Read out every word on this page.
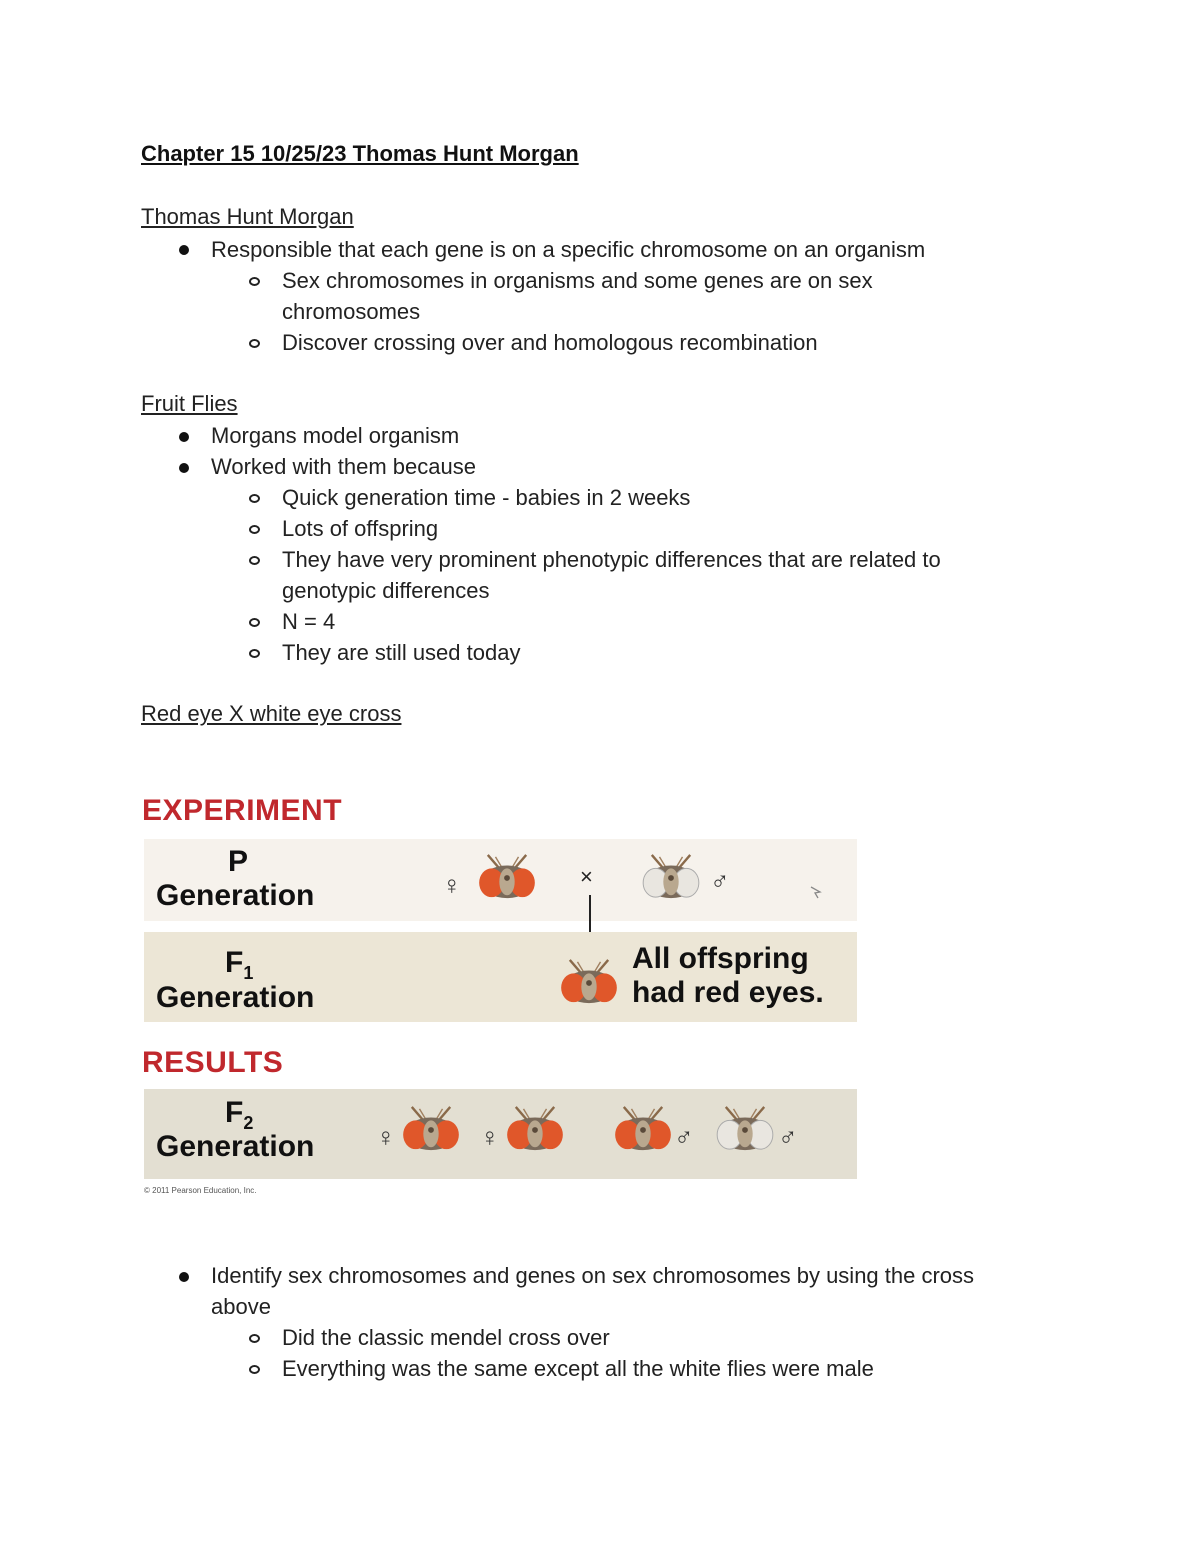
Chapter 15 10/25/23 Thomas Hunt Morgan
Thomas Hunt Morgan
Responsible that each gene is on a specific chromosome on an organism
Sex chromosomes in organisms and some genes are on sex
chromosomes
Discover crossing over and homologous recombination
Fruit Flies
Morgans model organism
Worked with them because
Quick generation time - babies in 2 weeks
Lots of offspring
They have very prominent phenotypic differences that are related to
genotypic differences
N = 4
They are still used today
Red eye X white eye cross
EXPERIMENT
P
Generation	♀	×	♂
$F_1$
Generation
All offspring
had red eyes.
RESULTS
$F_2$
Generation ♀	♀	♂	♂
© 2011 Pearson Education, Inc.
Identify sex chromosomes and genes on sex chromosomes by using the cross
above
Did the classic mendel cross over
Everything was the same except all the white flies were male
